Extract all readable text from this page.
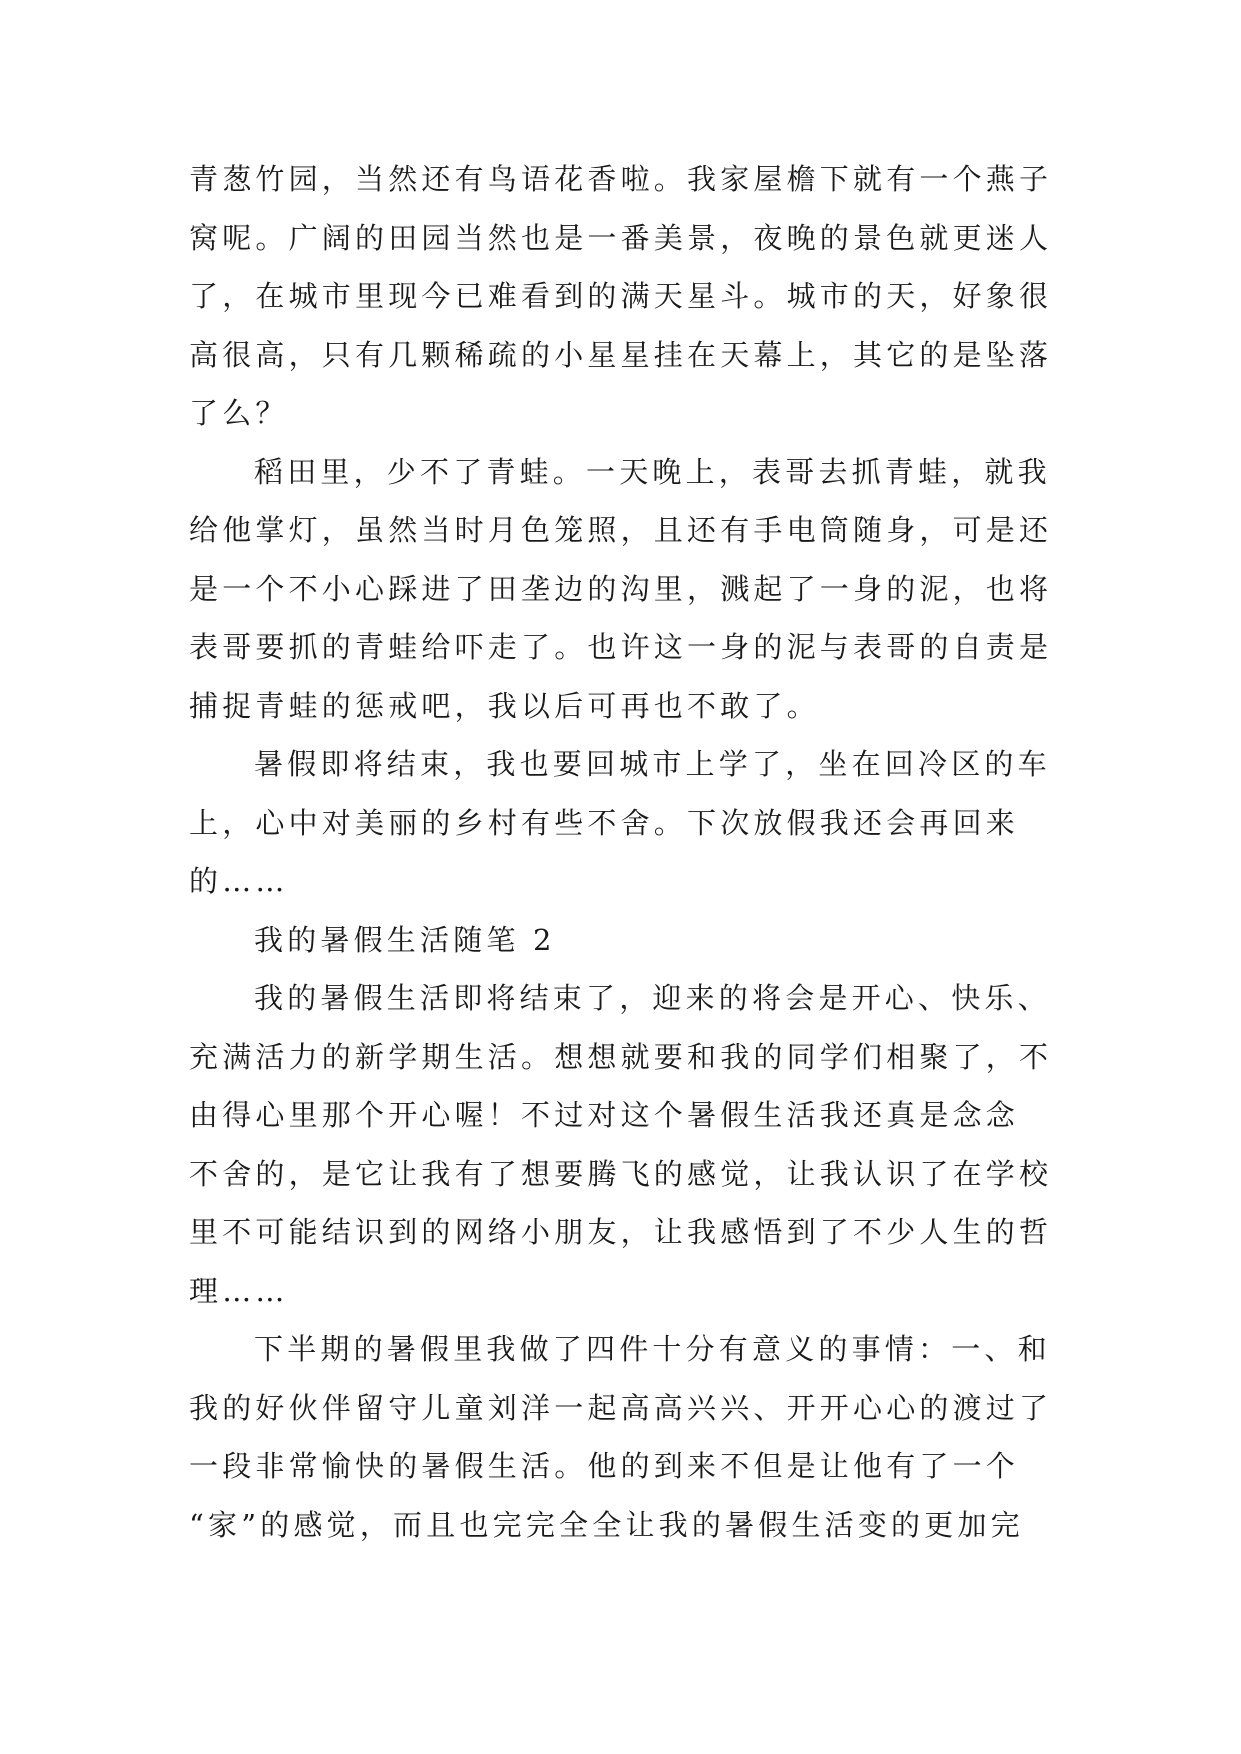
青葱竹园，当然还有鸟语花香啦。我家屋檐下就有一个燕子
窝呢。广阔的田园当然也是一番美景，夜晚的景色就更迷人
了，在城市里现今已难看到的满天星斗。城市的天，好象很
高很高，只有几颗稀疏的小星星挂在天幕上，其它的是坠落
了么？
稻田里，少不了青蛙。一天晚上，表哥去抓青蛙，就我
给他掌灯，虽然当时月色笼照，且还有手电筒随身，可是还
是一个不小心踩进了田垄边的沟里，溅起了一身的泥，也将
表哥要抓的青蛙给吓走了。也许这一身的泥与表哥的自责是
捕捉青蛙的惩戒吧，我以后可再也不敢了。
暑假即将结束，我也要回城市上学了，坐在回冷区的车
上，心中对美丽的乡村有些不舍。下次放假我还会再回来
的……
我的暑假生活随笔 2
我的暑假生活即将结束了，迎来的将会是开心、快乐、
充满活力的新学期生活。想想就要和我的同学们相聚了，不
由得心里那个开心喔！不过对这个暑假生活我还真是念念
不舍的，是它让我有了想要腾飞的感觉，让我认识了在学校
里不可能结识到的网络小朋友，让我感悟到了不少人生的哲
理……
下半期的暑假里我做了四件十分有意义的事情：一、和
我的好伙伴留守儿童刘洋一起高高兴兴、开开心心的渡过了
一段非常愉快的暑假生活。他的到来不但是让他有了一个
“家”的感觉，而且也完完全全让我的暑假生活变的更加完
